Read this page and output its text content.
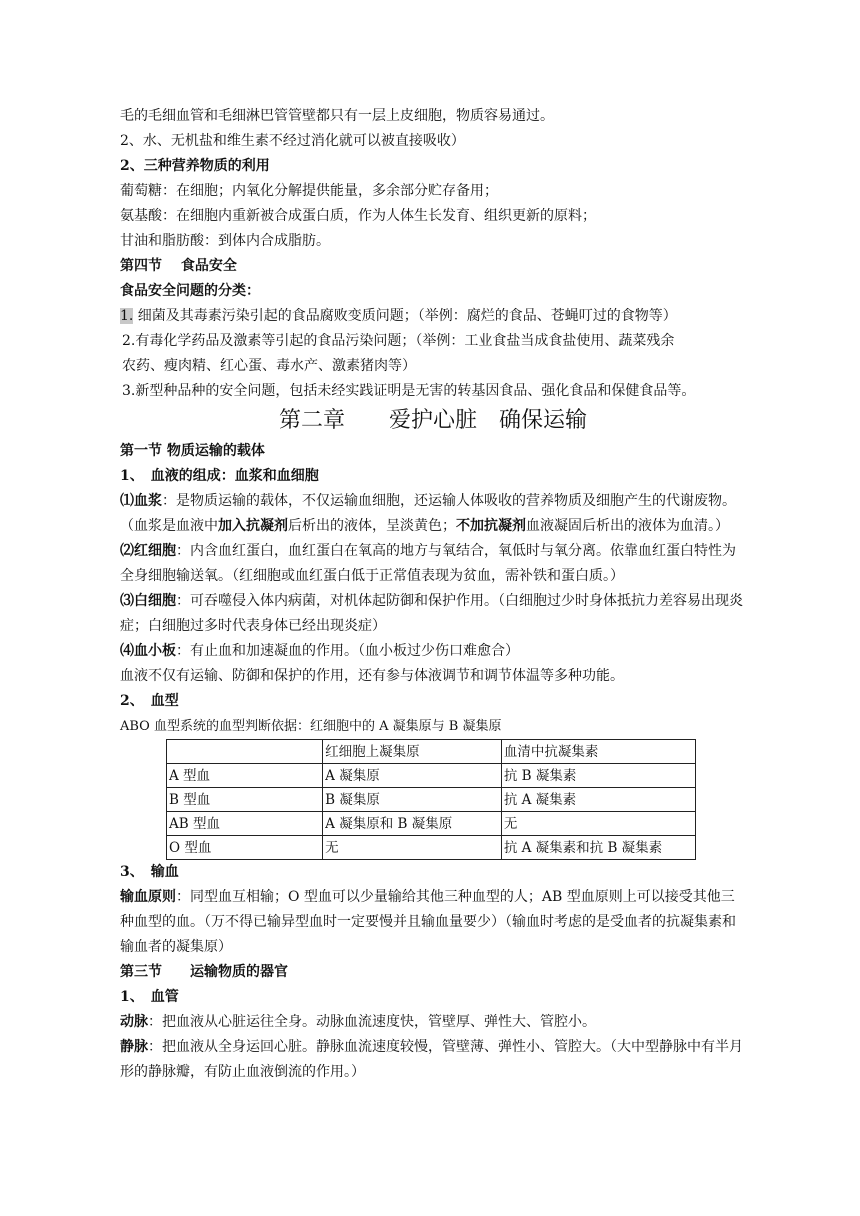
毛的毛细血管和毛细淋巴管管壁都只有一层上皮细胞，物质容易通过。

2、水、无机盐和维生素不经过消化就可以被直接吸收）

2、三种营养物质的利用

葡萄糖：在细胞；内氧化分解提供能量，多余部分贮存备用；

氨基酸：在细胞内重新被合成蛋白质，作为人体生长发育、组织更新的原料；

甘油和脂肪酸：到体内合成脂肪。

第四节　 食品安全

食品安全问题的分类：

1. 细菌及其毒素污染引起的食品腐败变质问题；（举例：腐烂的食品、苍蝇叮过的食物等）

2.有毒化学药品及激素等引起的食品污染问题；（举例：工业食盐当成食盐使用、蔬菜残余

农药、瘦肉精、红心蛋、毒水产、激素猪肉等）

3.新型种品种的安全问题，包括未经实践证明是无害的转基因食品、强化食品和保健食品等。

第二章　　爱护心脏　确保运输

第一节 物质运输的载体

1、　血液的组成：血浆和血细胞

⑴血浆：是物质运输的载体，不仅运输血细胞，还运输人体吸收的营养物质及细胞产生的代谢废物。（血浆是血液中加入抗凝剂后析出的液体，呈淡黄色；不加抗凝剂血液凝固后析出的液体为血清。）

⑵红细胞：内含血红蛋白，血红蛋白在氧高的地方与氧结合，氧低时与氧分离。依靠血红蛋白特性为全身细胞输送氧。（红细胞或血红蛋白低于正常值表现为贫血，需补铁和蛋白质。）

⑶白细胞：可吞噬侵入体内病菌，对机体起防御和保护作用。（白细胞过少时身体抵抗力差容易出现炎症；白细胞过多时代表身体已经出现炎症）

⑷血小板：有止血和加速凝血的作用。（血小板过少伤口难愈合）

血液不仅有运输、防御和保护的作用，还有参与体液调节和调节体温等多种功能。

2、　血型

ABO 血型系统的血型判断依据：红细胞中的 A 凝集原与 B 凝集原

	红细胞上凝集原	血清中抗凝集素
A 型血	A 凝集原	抗 B 凝集素
B 型血	B 凝集原	抗 A 凝集素
AB 型血	A 凝集原和 B 凝集原	无
O 型血	无	抗 A 凝集素和抗 B 凝集素

3、　输血

输血原则：同型血互相输；O 型血可以少量输给其他三种血型的人；AB 型血原则上可以接受其他三种血型的血。（万不得已输异型血时一定要慢并且输血量要少）（输血时考虑的是受血者的抗凝集素和输血者的凝集原）

第三节　　运输物质的器官

1、　血管

动脉：把血液从心脏运往全身。动脉血流速度快，管壁厚、弹性大、管腔小。

静脉：把血液从全身运回心脏。静脉血流速度较慢，管壁薄、弹性小、管腔大。（大中型静脉中有半月形的静脉瓣，有防止血液倒流的作用。）
